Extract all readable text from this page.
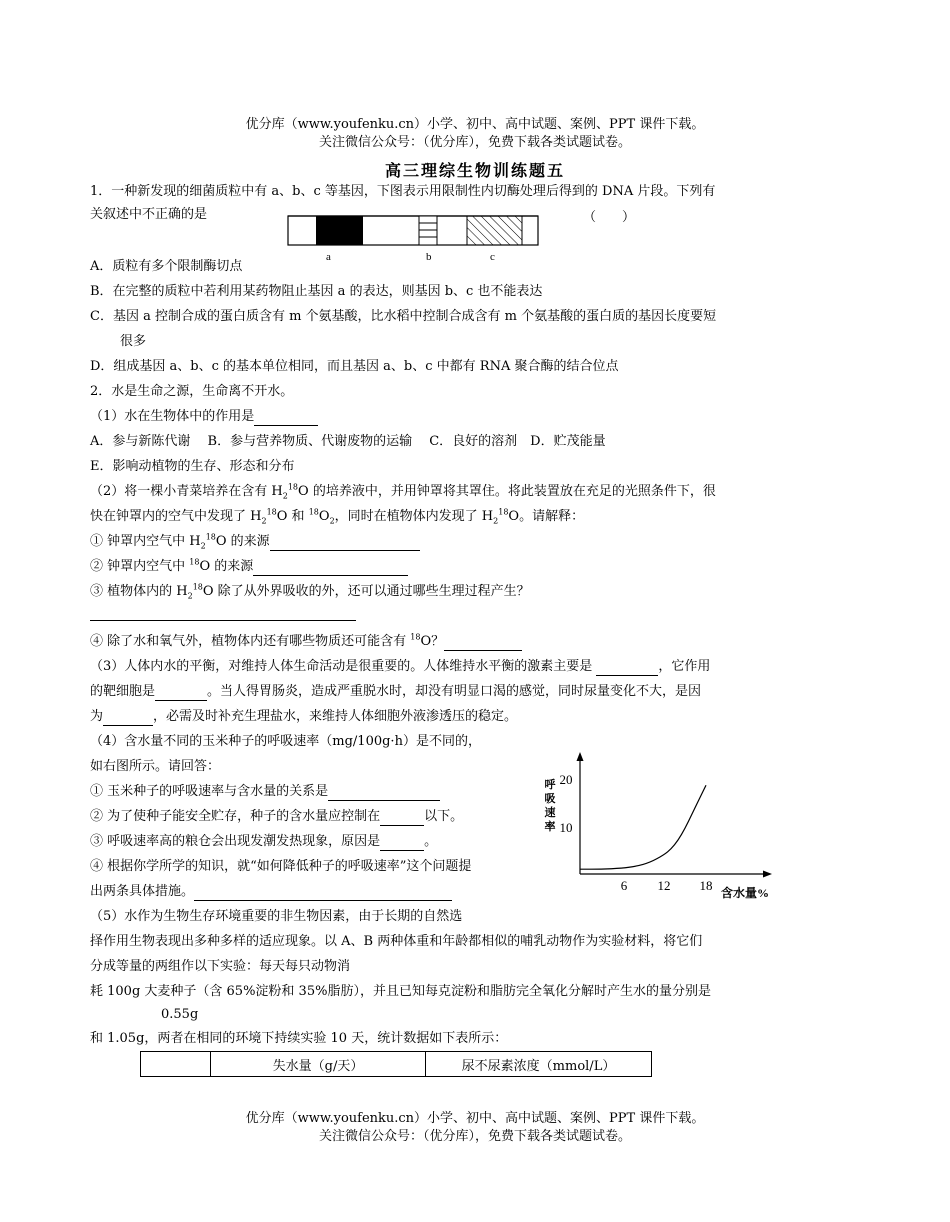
优分库（www.youfenku.cn）小学、初中、高中试题、案例、PPT 课件下载。
关注微信公众号：（优分库），免费下载各类试题试卷。
高三理综生物训练题五
1．一种新发现的细菌质粒中有 a、b、c 等基因，下图表示用限制性内切酶处理后得到的 DNA 片段。下列有
关叙述中不正确的是	（　　）
a	b	c
A．质粒有多个限制酶切点
B．在完整的质粒中若利用某药物阻止基因 a 的表达，则基因 b、c 也不能表达
C．基因 a 控制合成的蛋白质含有 m 个氨基酸，比水稻中控制合成含有 m 个氨基酸的蛋白质的基因长度要短
很多
D．组成基因 a、b、c 的基本单位相同，而且基因 a、b、c 中都有 RNA 聚合酶的结合位点
2．水是生命之源，生命离不开水。
（1）水在生物体中的作用是
A．参与新陈代谢　 B．参与营养物质、代谢废物的运输　 C．良好的溶剂　D．贮茂能量
E．影响动植物的生存、形态和分布
（2）将一棵小青菜培养在含有 $H_2^{18}O$ 的培养液中，并用钟罩将其罩住。将此装置放在充足的光照条件下，很
快在钟罩内的空气中发现了 $H_2^{18}O$ 和 $^{18}O_2$，同时在植物体内发现了 $H_2^{18}O$。请解释：
① 钟罩内空气中 $H_2^{18}O$ 的来源
② 钟罩内空气中 $^{18}$O 的来源
③ 植物体内的 $H_2^{18}O$ 除了从外界吸收的外，还可以通过哪些生理过程产生？
④ 除了水和氧气外，植物体内还有哪些物质还可能含有 $^{18}$O？
（3）人体内水的平衡，对维持人体生命活动是很重要的。人体维持水平衡的激素主要是	，它作用
的靶细胞是	。当人得胃肠炎，造成严重脱水时，却没有明显口渴的感觉，同时尿量变化不大，是因
为	，必需及时补充生理盐水，来维持人体细胞外液渗透压的稳定。
（4）含水量不同的玉米种子的呼吸速率（mg/100g·h）是不同的，
如右图所示。请回答：
① 玉米种子的呼吸速率与含水量的关系是
② 为了使种子能安全贮存，种子的含水量应控制在	以下。
③ 呼吸速率高的粮仓会出现发潮发热现象，原因是	。
④ 根据你学所学的知识，就“如何降低种子的呼吸速率”这个问题提
出两条具体措施。
呼
吸
速
率
20
10
6 12 18 含水量%
（5）水作为生物生存环境重要的非生物因素，由于长期的自然选
择作用生物表现出多种多样的适应现象。以 A、B 两种体重和年龄都相似的哺乳动物作为实验材料，将它们
分成等量的两组作以下实验：每天每只动物消
耗 100g 大麦种子（含 65%淀粉和 35%脂肪），并且已知每克淀粉和脂肪完全氧化分解时产生水的量分别是
0.55g
和 1.05g，两者在相同的环境下持续实验 10 天，统计数据如下表所示：
	失水量（g/天）	尿不尿素浓度（mmol/L）
优分库（www.youfenku.cn）小学、初中、高中试题、案例、PPT 课件下载。
关注微信公众号：（优分库），免费下载各类试题试卷。
